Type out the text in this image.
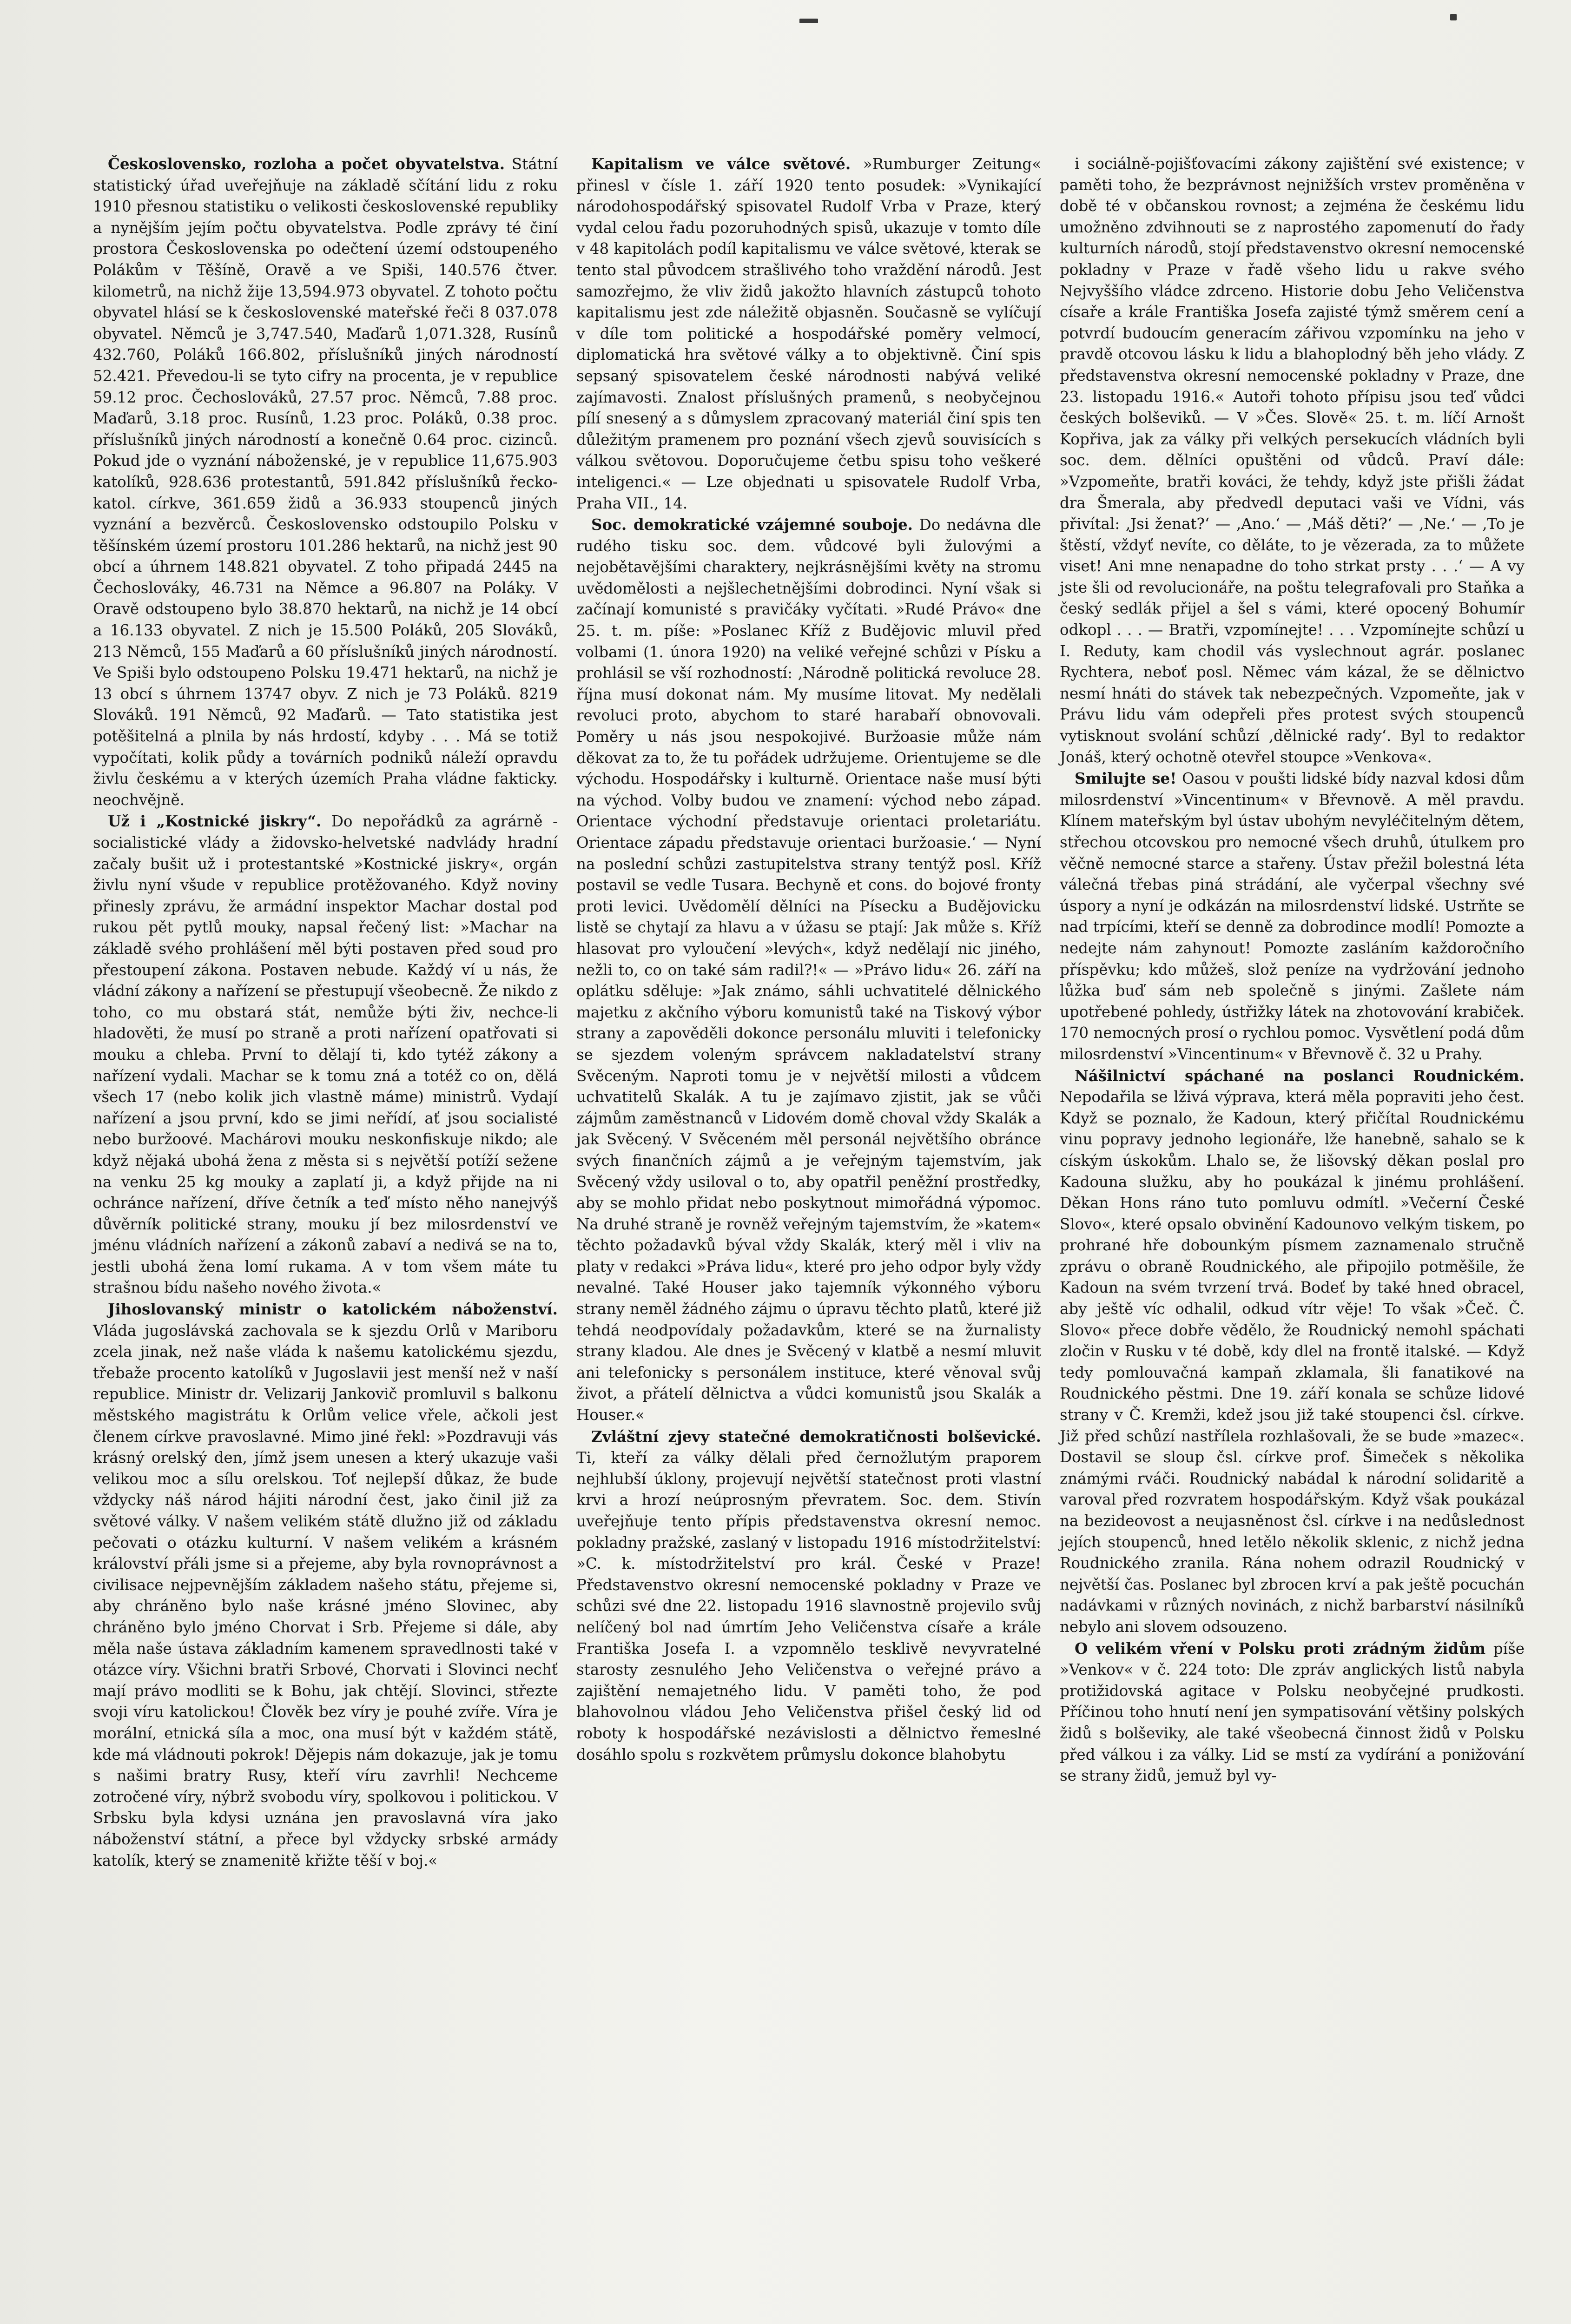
Československo, rozloha a počet obyvatelstva. Státní statistický úřad uveřejňuje na základě sčítání lidu z roku 1910 přesnou statistiku o velikosti československé republiky a nynějším jejím počtu obyvatelstva. Podle zprávy té činí prostora Československa po odečtení území odstoupeného Polákům v Těšíně, Oravě a ve Spiši, 140.576 čtver. kilometrů, na nichž žije 13,594.973 obyvatel. Z tohoto počtu obyvatel hlásí se k československé mateřské řeči 8 037.078 obyvatel. Němců je 3,747.540, Maďarů 1,071.328, Rusínů 432.760, Poláků 166.802, příslušníků jiných národností 52.421. Převedou-li se tyto cifry na procenta, je v republice 59.12 proc. Čechoslováků, 27.57 proc. Němců, 7.88 proc. Maďarů, 3.18 proc. Rusínů, 1.23 proc. Poláků, 0.38 proc. příslušníků jiných národností a konečně 0.64 proc. cizinců. Pokud jde o vyznání náboženské, je v republice 11,675.903 katolíků, 928.636 protestantů, 591.842 příslušníků řecko-katol. církve, 361.659 židů a 36.933 stoupenců jiných vyznání a bezvěrců. Československo odstoupilo Polsku v těšínském území prostoru 101.286 hektarů, na nichž jest 90 obcí a úhrnem 148.821 obyvatel. Z toho připadá 2445 na Čechoslováky, 46.731 na Němce a 96.807 na Poláky. V Oravě odstoupeno bylo 38.870 hektarů, na nichž je 14 obcí a 16.133 obyvatel. Z nich je 15.500 Poláků, 205 Slováků, 213 Němců, 155 Maďarů a 60 příslušníků jiných národností. Ve Spiši bylo odstoupeno Polsku 19.471 hektarů, na nichž je 13 obcí s úhrnem 13747 obyv. Z nich je 73 Poláků. 8219 Slováků. 191 Němců, 92 Maďarů. — Tato statistika jest potěšitelná a plnila by nás hrdostí, kdyby . . . Má se totiž vypočítati, kolik půdy a továrních podniků náleží opravdu živlu českému a v kterých územích Praha vládne fakticky. neochvějně.

Už i „Kostnické jiskry“. Do nepořádků za agrárně - socialistické vlády a židovsko-helvetské nadvlády hradní začaly bušit už i protestantské »Kostnické jiskry«, orgán živlu nyní všude v republice protěžovaného. Když noviny přinesly zprávu, že armádní inspektor Machar dostal pod rukou pět pytlů mouky, napsal řečený list: »Machar na základě svého prohlášení měl býti postaven před soud pro přestoupení zákona. Postaven nebude. Každý ví u nás, že vládní zákony a nařízení se přestupují všeobecně. Že nikdo z toho, co mu obstará stát, nemůže býti živ, nechce-li hladověti, že musí po straně a proti nařízení opatřovati si mouku a chleba. První to dělají ti, kdo tytéž zákony a nařízení vydali. Machar se k tomu zná a totéž co on, dělá všech 17 (nebo kolik jich vlastně máme) ministrů. Vydají nařízení a jsou první, kdo se jimi neřídí, ať jsou socialisté nebo buržoové. Machárovi mouku neskonfiskuje nikdo; ale když nějaká ubohá žena z města si s největší potíží sežene na venku 25 kg mouky a zaplatí ji, a když přijde na ni ochránce nařízení, dříve četník a teď místo něho nanejvýš důvěrník politické strany, mouku jí bez milosrdenství ve jménu vládních nařízení a zákonů zabaví a nedivá se na to, jestli ubohá žena lomí rukama. A v tom všem máte tu strašnou bídu našeho nového života.«

Jihoslovanský ministr o katolickém náboženství. Vláda jugoslávská zachovala se k sjezdu Orlů v Mariboru zcela jinak, než naše vláda k našemu katolickému sjezdu, třebaže procento katolíků v Jugoslavii jest menší než v naší republice. Ministr dr. Velizarij Jankovič promluvil s balkonu městského magistrátu k Orlům velice vřele, ačkoli jest členem církve pravoslavné. Mimo jiné řekl: »Pozdravuji vás krásný orelský den, jímž jsem unesen a který ukazuje vaši velikou moc a sílu orelskou. Toť nejlepší důkaz, že bude vždycky náš národ hájiti národní čest, jako činil již za světové války. V našem velikém státě dlužno již od základu pečovati o otázku kulturní. V našem velikém a krásném království přáli jsme si a přejeme, aby byla rovnoprávnost a civilisace nejpevnějším základem našeho státu, přejeme si, aby chráněno bylo naše krásné jméno Slovinec, aby chráněno bylo jméno Chorvat i Srb. Přejeme si dále, aby měla naše ústava základním kamenem spravedlnosti také v otázce víry. Všichni bratři Srbové, Chorvati i Slovinci nechť mají právo modliti se k Bohu, jak chtějí. Slovinci, střezte svoji víru katolickou! Člověk bez víry je pouhé zvíře. Víra je morální, etnická síla a moc, ona musí být v každém státě, kde má vládnouti pokrok! Dějepis nám dokazuje, jak je tomu s našimi bratry Rusy, kteří víru zavrhli! Nechceme zotročené víry, nýbrž svobodu víry, spolkovou i politickou. V Srbsku byla kdysi uznána jen pravoslavná víra jako náboženství státní, a přece byl vždycky srbské armády katolík, který se znamenitě křižte těší v boj.«

Kapitalism ve válce světové. »Rumburger Zeitung« přinesl v čísle 1. září 1920 tento posudek: »Vynikající národohospodářský spisovatel Rudolf Vrba v Praze, který vydal celou řadu pozoruhodných spisů, ukazuje v tomto díle v 48 kapitolách podíl kapitalismu ve válce světové, kterak se tento stal původcem strašlivého toho vraždění národů. Jest samozřejmo, že vliv židů jakožto hlavních zástupců tohoto kapitalismu jest zde náležitě objasněn. Současně se vylíčují v díle tom politické a hospodářské poměry velmocí, diplomatická hra světové války a to objektivně. Činí spis sepsaný spisovatelem české národnosti nabývá veliké zajímavosti. Znalost příslušných pramenů, s neobyčejnou pílí snesený a s důmyslem zpracovaný materiál činí spis ten důležitým pramenem pro poznání všech zjevů souvisících s válkou světovou. Doporučujeme četbu spisu toho veškeré inteligenci.« — Lze objednati u spisovatele Rudolf Vrba, Praha VII., 14.

Soc. demokratické vzájemné souboje. Do nedávna dle rudého tisku soc. dem. vůdcové byli žulovými a nejobětavějšími charaktery, nejkrásnějšími květy na stromu uvědomělosti a nejšlechetnějšími dobrodinci. Nyní však si začínají komunisté s pravičáky vyčítati. »Rudé Právo« dne 25. t. m. píše: »Poslanec Kříž z Budějovic mluvil před volbami (1. února 1920) na veliké veřejné schůzi v Písku a prohlásil se vší rozhodností: ‚Národně politická revoluce 28. října musí dokonat nám. My musíme litovat. My nedělali revoluci proto, abychom to staré harabaří obnovovali. Poměry u nás jsou nespokojivé. Buržoasie může nám děkovat za to, že tu pořádek udržujeme. Orientujeme se dle východu. Hospodářsky i kulturně. Orientace naše musí býti na východ. Volby budou ve znamení: východ nebo západ. Orientace východní představuje orientaci proletariátu. Orientace západu představuje orientaci buržoasie.‘ — Nyní na poslední schůzi zastupitelstva strany tentýž posl. Kříž postavil se vedle Tusara. Bechyně et cons. do bojové fronty proti levici. Uvědomělí dělníci na Písecku a Budějovicku listě se chytají za hlavu a v úžasu se ptají: Jak může s. Kříž hlasovat pro vyloučení »levých«, když nedělají nic jiného, nežli to, co on také sám radil?!« — »Právo lidu« 26. září na oplátku sděluje: »Jak známo, sáhli uchvatitelé dělnického majetku z akčního výboru komunistů také na Tiskový výbor strany a zapověděli dokonce personálu mluviti i telefonicky se sjezdem voleným správcem nakladatelství strany Svěceným. Naproti tomu je v největší milosti a vůdcem uchvatitelů Skalák. A tu je zajímavo zjistit, jak se vůči zájmům zaměstnanců v Lidovém domě choval vždy Skalák a jak Svěcený. V Svěceném měl personál největšího obránce svých finančních zájmů a je veřejným tajemstvím, jak Svěcený vždy usiloval o to, aby opatřil peněžní prostředky, aby se mohlo přidat nebo poskytnout mimořádná výpomoc. Na druhé straně je rovněž veřejným tajemstvím, že »katem« těchto požadavků býval vždy Skalák, který měl i vliv na platy v redakci »Práva lidu«, které pro jeho odpor byly vždy nevalné. Také Houser jako tajemník výkonného výboru strany neměl žádného zájmu o úpravu těchto platů, které již tehdá neodpovídaly požadavkům, které se na žurnalisty strany kladou. Ale dnes je Svěcený v klatbě a nesmí mluvit ani telefonicky s personálem instituce, které věnoval svůj život, a přátelí dělnictva a vůdci komunistů jsou Skalák a Houser.«

Zvláštní zjevy statečné demokratičnosti bolševické. Ti, kteří za války dělali před černožlutým praporem nejhlubší úklony, projevují největší statečnost proti vlastní krvi a hrozí neúprosným převratem. Soc. dem. Stivín uveřejňuje tento přípis představenstva okresní nemoc. pokladny pražské, zaslaný v listopadu 1916 místodržitelství: »C. k. místodržitelství pro král. České v Praze! Představenstvo okresní nemocenské pokladny v Praze ve schůzi své dne 22. listopadu 1916 slavnostně projevilo svůj nelíčený bol nad úmrtím Jeho Veličenstva císaře a krále Františka Josefa I. a vzpomnělo tesklivě nevyvratelné starosty zesnulého Jeho Veličenstva o veřejné právo a zajištění nemajetného lidu. V paměti toho, že pod blahovolnou vládou Jeho Veličenstva přišel český lid od roboty k hospodářské nezávislosti a dělnictvo řemeslné dosáhlo spolu s rozkvětem průmyslu dokonce blahobytu

i sociálně-pojišťovacími zákony zajištění své existence; v paměti toho, že bezprávnost nejnižších vrstev proměněna v době té v občanskou rovnost; a zejména že českému lidu umožněno zdvihnouti se z naprostého zapomenutí do řady kulturních národů, stojí představenstvo okresní nemocenské pokladny v Praze v řadě všeho lidu u rakve svého Nejvyššího vládce zdrceno. Historie dobu Jeho Veličenstva císaře a krále Františka Josefa zajisté týmž směrem cení a potvrdí budoucím generacím zářivou vzpomínku na jeho v pravdě otcovou lásku k lidu a blahoplodný běh jeho vlády. Z představenstva okresní nemocenské pokladny v Praze, dne 23. listopadu 1916.« Autoři tohoto přípisu jsou teď vůdci českých bolševiků. — V »Čes. Slově« 25. t. m. líčí Arnošt Kopřiva, jak za války při velkých persekucích vládních byli soc. dem. dělníci opuštěni od vůdců. Praví dále: »Vzpomeňte, bratři kováci, že tehdy, když jste přišli žádat dra Šmerala, aby předvedl deputaci vaši ve Vídni, vás přivítal: ‚Jsi ženat?‘ — ‚Ano.‘ — ‚Máš děti?‘ — ‚Ne.‘ — ‚To je štěstí, vždyť nevíte, co děláte, to je vězerada, za to můžete viset! Ani mne nenapadne do toho strkat prsty . . .‘ — A vy jste šli od revolucionáře, na poštu telegrafovali pro Staňka a český sedlák přijel a šel s vámi, které opocený Bohumír odkopl . . . — Bratři, vzpomínejte! . . . Vzpomínejte schůzí u I. Reduty, kam chodil vás vyslechnout agrár. poslanec Rychtera, neboť posl. Němec vám kázal, že se dělnictvo nesmí hnáti do stávek tak nebezpečných. Vzpomeňte, jak v Právu lidu vám odepřeli přes protest svých stoupenců vytisknout svolání schůzí ‚dělnické rady‘. Byl to redaktor Jonáš, který ochotně otevřel stoupce »Venkova«.

Smilujte se! Oasou v poušti lidské bídy nazval kdosi dům milosrdenství »Vincentinum« v Břevnově. A měl pravdu. Klínem mateřským byl ústav ubohým nevyléčitelným dětem, střechou otcovskou pro nemocné všech druhů, útulkem pro věčně nemocné starce a stařeny. Ústav přežil bolestná léta válečná třebas piná strádání, ale vyčerpal všechny své úspory a nyní je odkázán na milosrdenství lidské. Ustrňte se nad trpícími, kteří se denně za dobrodince modlí! Pomozte a nedejte nám zahynout! Pomozte zasláním každoročního příspěvku; kdo můžeš, slož peníze na vydržování jednoho lůžka buď sám neb společně s jinými. Zašlete nám upotřebené pohledy, ústřižky látek na zhotovování krabiček. 170 nemocných prosí o rychlou pomoc. Vysvětlení podá dům milosrdenství »Vincentinum« v Břevnově č. 32 u Prahy.

Nášilnictví spáchané na poslanci Roudnickém. Nepodařila se lživá výprava, která měla popraviti jeho čest. Když se poznalo, že Kadoun, který přičítal Roudnickému vinu popravy jednoho legionáře, lže hanebně, sahalo se k cíským úskokům. Lhalo se, že lišovský děkan poslal pro Kadouna služku, aby ho poukázal k jinému prohlášení. Děkan Hons ráno tuto pomluvu odmítl. »Večerní České Slovo«, které opsalo obvinění Kadounovo velkým tiskem, po prohrané hře dobounkým písmem zaznamenalo stručně zprávu o obraně Roudnického, ale připojilo potměšile, že Kadoun na svém tvrzení trvá. Bodeť by také hned obracel, aby ještě víc odhalil, odkud vítr věje! To však »Čeč. Č. Slovo« přece dobře vědělo, že Roudnický nemohl spáchati zločin v Rusku v té době, kdy dlel na frontě italské. — Když tedy pomlouvačná kampaň zklamala, šli fanatikové na Roudnického pěstmi. Dne 19. září konala se schůze lidové strany v Č. Kremži, kdež jsou již také stoupenci čsl. církve. Již před schůzí nastřílela rozhlašovali, že se bude »mazec«. Dostavil se sloup čsl. církve prof. Šimeček s několika známými rváči. Roudnický nabádal k národní solidaritě a varoval před rozvratem hospodářským. Když však poukázal na bezideovost a neujasněnost čsl. církve i na nedůslednost jejích stoupenců, hned letělo několik sklenic, z nichž jedna Roudnického zranila. Rána nohem odrazil Roudnický v největší čas. Poslanec byl zbrocen krví a pak ještě pocuchán nadávkami v různých novinách, z nichž barbarství násilníků nebylo ani slovem odsouzeno.

O velikém vření v Polsku proti zrádným židům píše »Venkov« v č. 224 toto: Dle zpráv anglických listů nabyla protižidovská agitace v Polsku neobyčejné prudkosti. Příčinou toho hnutí není jen sympatisování většiny polských židů s bolševiky, ale také všeobecná činnost židů v Polsku před válkou i za války. Lid se mstí za vydírání a ponižování se strany židů, jemuž byl vy-
